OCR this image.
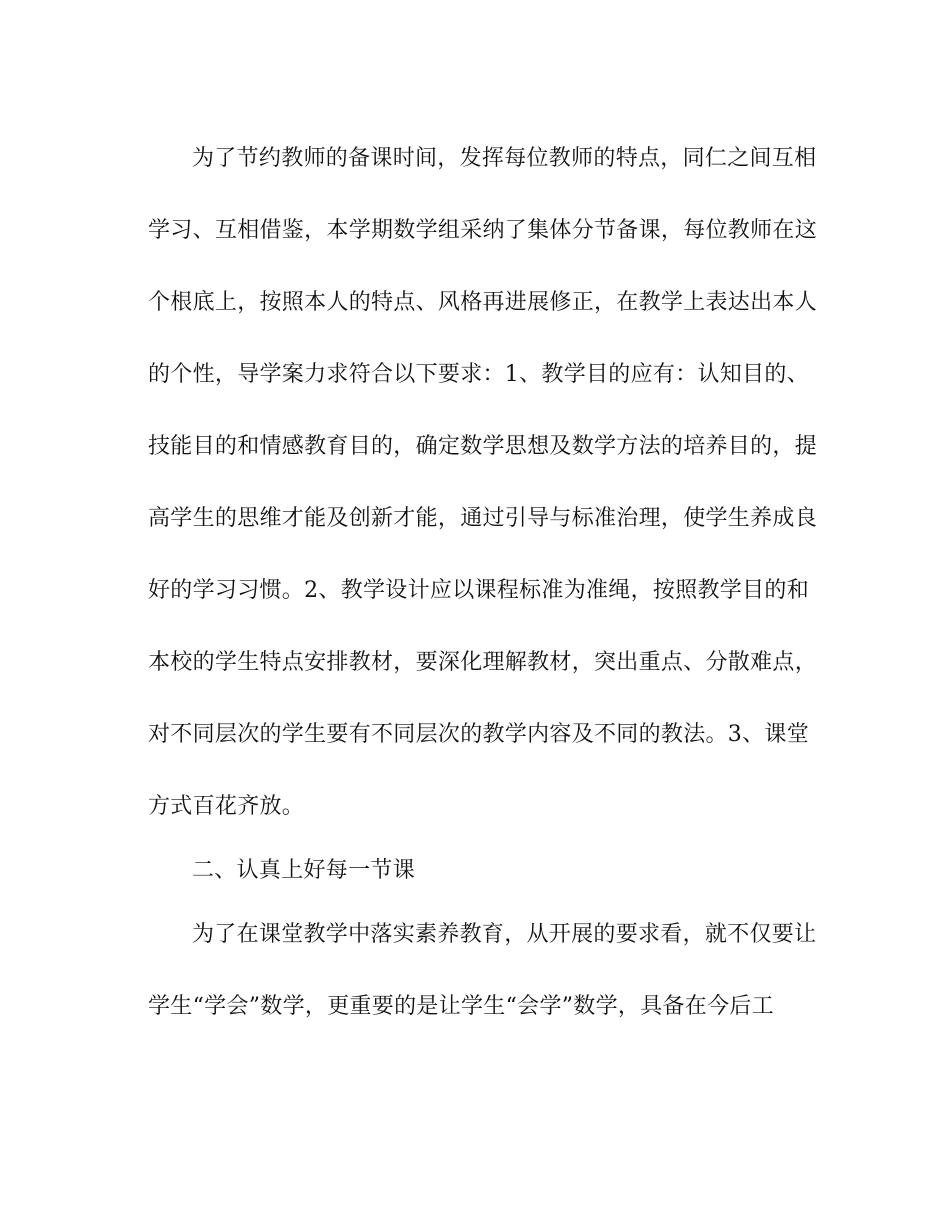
为了节约教师的备课时间，发挥每位教师的特点，同仁之间互相
学习、互相借鉴，本学期数学组采纳了集体分节备课，每位教师在这
个根底上，按照本人的特点、风格再进展修正，在教学上表达出本人
的个性，导学案力求符合以下要求：1、教学目的应有：认知目的、
技能目的和情感教育目的，确定数学思想及数学方法的培养目的，提
高学生的思维才能及创新才能，通过引导与标准治理，使学生养成良
好的学习习惯。2、教学设计应以课程标准为准绳，按照教学目的和
本校的学生特点安排教材，要深化理解教材，突出重点、分散难点，
对不同层次的学生要有不同层次的教学内容及不同的教法。3、课堂
方式百花齐放。
二、认真上好每一节课
为了在课堂教学中落实素养教育，从开展的要求看，就不仅要让
学生“学会”数学，更重要的是让学生“会学”数学，具备在今后工
